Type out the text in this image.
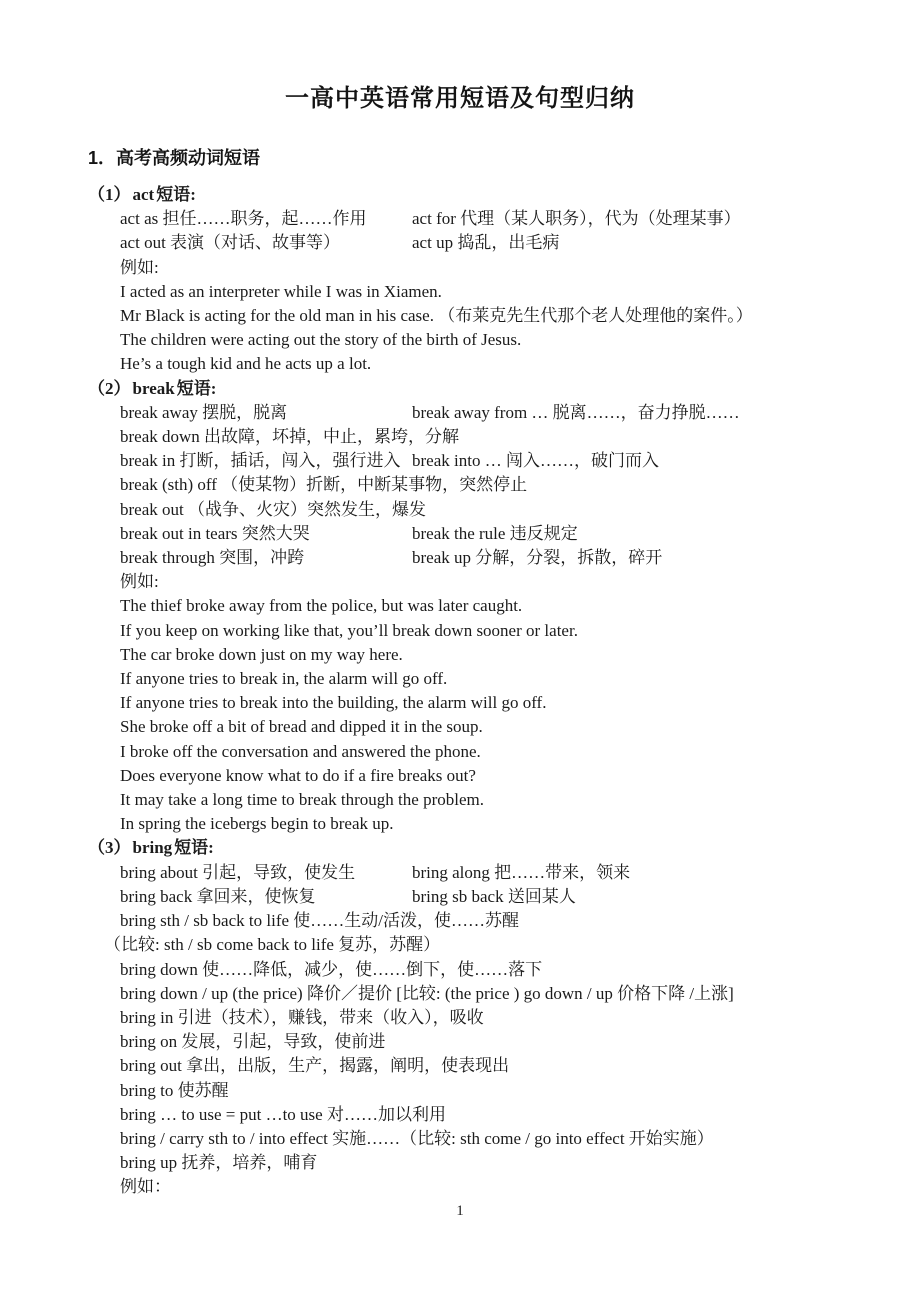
一高中英语常用短语及句型归纳
1．高考高频动词短语
（1） act 短语:
act as 担任……职务，起……作用	act for 代理（某人职务），代为（处理某事）
act out 表演（对话、故事等）	act up 捣乱，出毛病
例如:
I acted as an interpreter while I was in Xiamen.
Mr Black is acting for the old man in his case. （布莱克先生代那个老人处理他的案件。）
The children were acting out the story of the birth of Jesus.
He’s a tough kid and he acts up a lot.
（2） break 短语:
break away 摆脱，脱离	break away from … 脱离……，奋力挣脱……
break down 出故障，坏掉，中止，累垮，分解
break in 打断，插话，闯入，强行进入 break into … 闯入……，破门而入
break (sth) off （使某物）折断，中断某事物，突然停止
break out （战争、火灾）突然发生，爆发
break out in tears 突然大哭	break the rule 违反规定
break through 突围，冲跨	break up 分解，分裂，拆散，碎开
例如:
The thief broke away from the police, but was later caught.
If you keep on working like that, you’ll break down sooner or later.
The car broke down just on my way here.
If anyone tries to break in, the alarm will go off.
If anyone tries to break into the building, the alarm will go off.
She broke off a bit of bread and dipped it in the soup.
I broke off the conversation and answered the phone.
Does everyone know what to do if a fire breaks out?
It may take a long time to break through the problem.
In spring the icebergs begin to break up.
（3） bring 短语:
bring about 引起，导致，使发生	bring along 把……带来，领来
bring back 拿回来，使恢复	bring sb back 送回某人
bring sth / sb back to life 使……生动/活泼，使……苏醒
（比较: sth / sb come back to life 复苏，苏醒）
bring down 使……降低，减少，使……倒下，使……落下
bring down / up (the price) 降价／提价 [比较: (the price ) go down / up 价格下降 /上涨]
bring in 引进（技术），赚钱，带来（收入），吸收
bring on 发展，引起，导致，使前进
bring out 拿出，出版，生产，揭露，阐明，使表现出
bring to 使苏醒
bring … to use = put …to use 对……加以利用
bring / carry sth to / into effect 实施……（比较: sth come / go into effect 开始实施）
bring up 抚养，培养，哺育
例如：
1
